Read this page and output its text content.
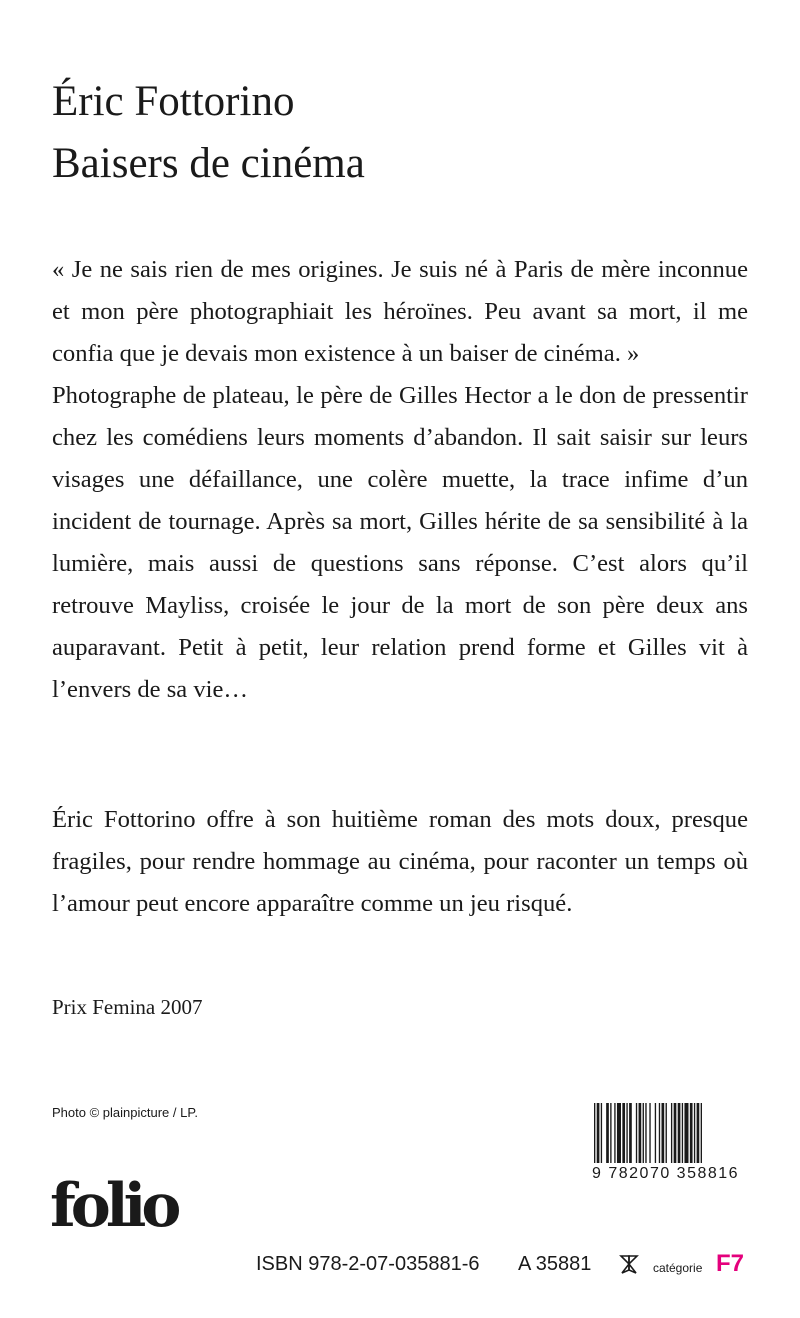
Éric Fottorino
Baisers de cinéma

« Je ne sais rien de mes origines. Je suis né à Paris de mère inconnue et mon père photographiait les héroïnes. Peu avant sa mort, il me confia que je devais mon existence à un baiser de cinéma. »

Photographe de plateau, le père de Gilles Hector a le don de pressentir chez les comédiens leurs moments d’abandon. Il sait saisir sur leurs visages une défaillance, une colère muette, la trace infime d’un incident de tournage. Après sa mort, Gilles hérite de sa sensibilité à la lumière, mais aussi de questions sans réponse. C’est alors qu’il retrouve Mayliss, croisée le jour de la mort de son père deux ans auparavant. Petit à petit, leur relation prend forme et Gilles vit à l’envers de sa vie…

Éric Fottorino offre à son huitième roman des mots doux, presque fragiles, pour rendre hommage au cinéma, pour raconter un temps où l’amour peut encore apparaître comme un jeu risqué.

Prix Femina 2007
Photo © plainpicture / LP.
9 782070 358816
folio
ISBN 978-2-07-035881-6 A 35881	catégorie F7
